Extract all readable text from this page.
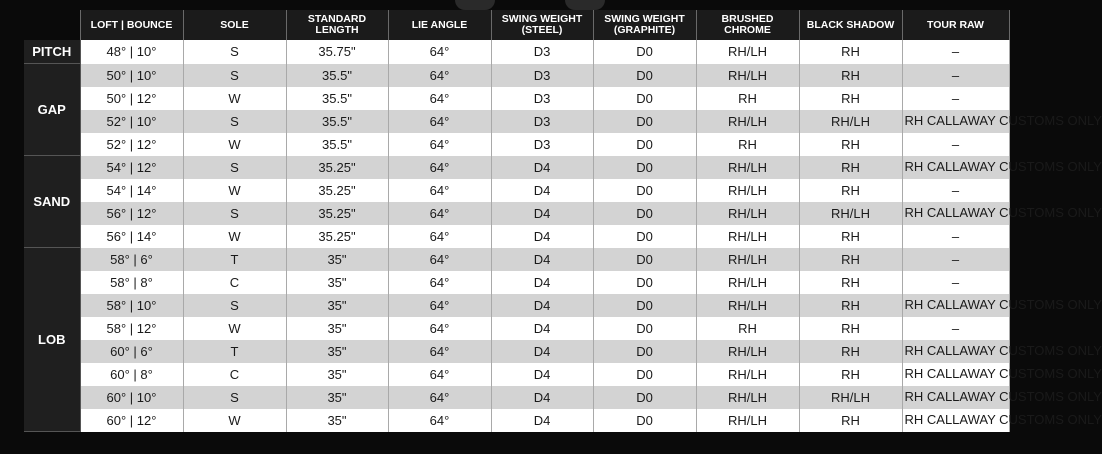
	LOFT | BOUNCE	SOLE	STANDARD LENGTH	LIE ANGLE	SWING WEIGHT (STEEL)	SWING WEIGHT (GRAPHITE)	BRUSHED CHROME	BLACK SHADOW	TOUR RAW
PITCH	48° | 10°	S	35.75"	64°	D3	D0	RH/LH	RH	–
GAP	50° | 10°	S	35.5"	64°	D3	D0	RH/LH	RH	–
	50° | 12°	W	35.5"	64°	D3	D0	RH	RH	–
	52° | 10°	S	35.5"	64°	D3	D0	RH/LH	RH/LH	RH CALLAWAY CUSTOMS ONLY
	52° | 12°	W	35.5"	64°	D3	D0	RH	RH	–
SAND	54° | 12°	S	35.25"	64°	D4	D0	RH/LH	RH	RH CALLAWAY CUSTOMS ONLY
	54° | 14°	W	35.25"	64°	D4	D0	RH/LH	RH	–
	56° | 12°	S	35.25"	64°	D4	D0	RH/LH	RH/LH	RH CALLAWAY CUSTOMS ONLY
	56° | 14°	W	35.25"	64°	D4	D0	RH/LH	RH	–
LOB	58° | 6°	T	35"	64°	D4	D0	RH/LH	RH	–
	58° | 8°	C	35"	64°	D4	D0	RH/LH	RH	–
	58° | 10°	S	35"	64°	D4	D0	RH/LH	RH	RH CALLAWAY CUSTOMS ONLY
	58° | 12°	W	35"	64°	D4	D0	RH	RH	–
	60° | 6°	T	35"	64°	D4	D0	RH/LH	RH	RH CALLAWAY CUSTOMS ONLY
	60° | 8°	C	35"	64°	D4	D0	RH/LH	RH	RH CALLAWAY CUSTOMS ONLY
	60° | 10°	S	35"	64°	D4	D0	RH/LH	RH/LH	RH CALLAWAY CUSTOMS ONLY
	60° | 12°	W	35"	64°	D4	D0	RH/LH	RH	RH CALLAWAY CUSTOMS ONLY
